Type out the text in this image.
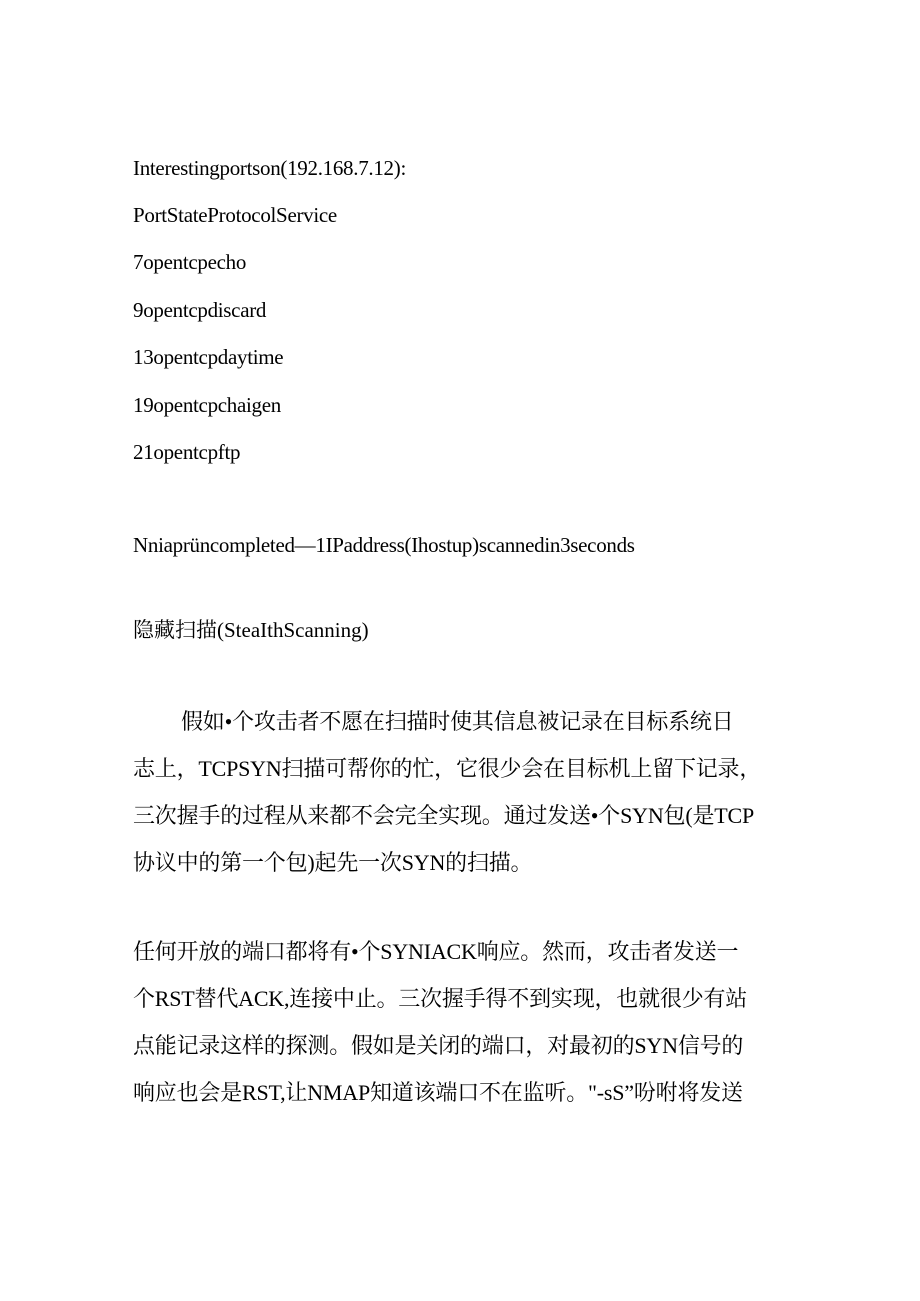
Interestingportson(192.168.7.12):
PortStateProtocolService
7opentcpecho
9opentcpdiscard
13opentcpdaytime
19opentcpchaigen
21opentcpftp
Nniaprüncompleted—1IPaddress(Ihostup)scannedin3seconds
隐藏扫描(SteaIthScanning)
假如•个攻击者不愿在扫描时使其信息被记录在目标系统日
志上，TCPSYN扫描可帮你的忙，它很少会在目标机上留下记录，
三次握手的过程从来都不会完全实现。通过发送•个SYN包(是TCP
协议中的第一个包)起先一次SYN的扫描。
任何开放的端口都将有•个SYNIACK响应。然而，攻击者发送一
个RST替代ACK,连接中止。三次握手得不到实现，也就很少有站
点能记录这样的探测。假如是关闭的端口，对最初的SYN信号的
响应也会是RST,让NMAP知道该端口不在监听。"-sS”吩咐将发送
